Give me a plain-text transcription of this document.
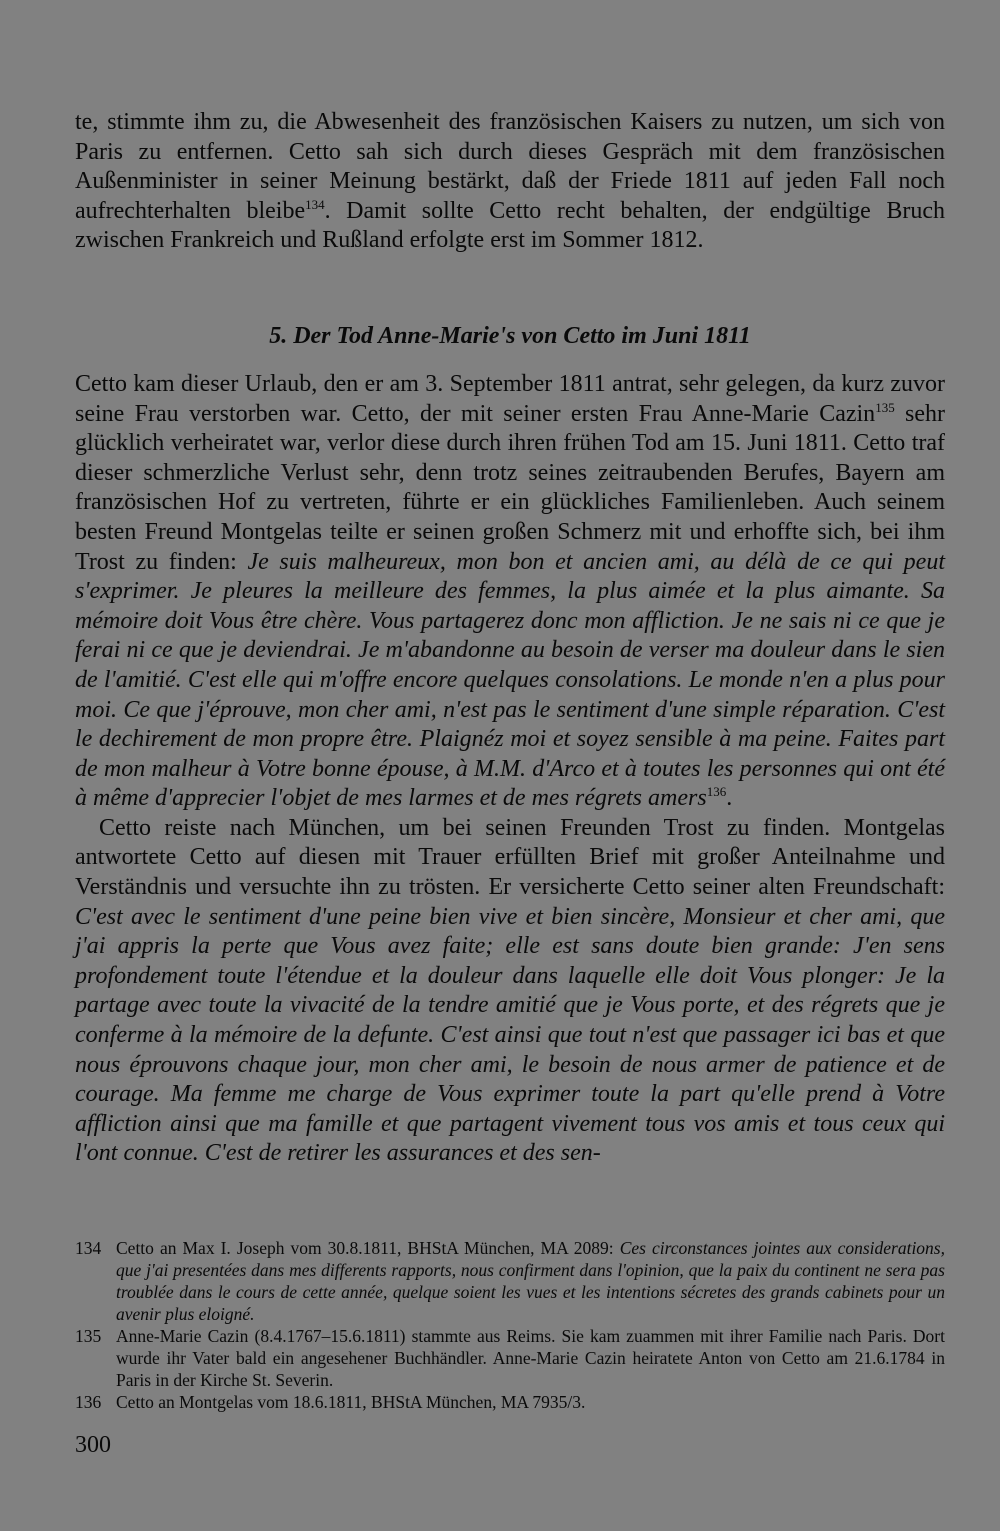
te, stimmte ihm zu, die Abwesenheit des französischen Kaisers zu nutzen, um sich von Paris zu entfernen. Cetto sah sich durch dieses Gespräch mit dem französischen Außenminister in seiner Meinung bestärkt, daß der Friede 1811 auf jeden Fall noch aufrechterhalten bleibe$^{134}$. Damit sollte Cetto recht behalten, der endgültige Bruch zwischen Frankreich und Rußland erfolgte erst im Sommer 1812.

5. Der Tod Anne-Marie's von Cetto im Juni 1811

Cetto kam dieser Urlaub, den er am 3. September 1811 antrat, sehr gelegen, da kurz zuvor seine Frau verstorben war. Cetto, der mit seiner ersten Frau Anne-Marie Cazin$^{135}$ sehr glücklich verheiratet war, verlor diese durch ihren frühen Tod am 15. Juni 1811. Cetto traf dieser schmerzliche Verlust sehr, denn trotz seines zeitraubenden Berufes, Bayern am französischen Hof zu vertreten, führte er ein glückliches Familienleben. Auch seinem besten Freund Montgelas teilte er seinen großen Schmerz mit und erhoffte sich, bei ihm Trost zu finden: Je suis malheureux, mon bon et ancien ami, au délà de ce qui peut s'exprimer. Je pleures la meilleure des femmes, la plus aimée et la plus aimante. Sa mémoire doit Vous être chère. Vous partagerez donc mon affliction. Je ne sais ni ce que je ferai ni ce que je deviendrai. Je m'abandonne au besoin de verser ma douleur dans le sien de l'amitié. C'est elle qui m'offre encore quelques consolations. Le monde n'en a plus pour moi. Ce que j'éprouve, mon cher ami, n'est pas le sentiment d'une simple réparation. C'est le dechirement de mon propre être. Plaignéz moi et soyez sensible à ma peine. Faites part de mon malheur à Votre bonne épouse, à M.M. d'Arco et à toutes les personnes qui ont été à même d'apprecier l'objet de mes larmes et de mes régrets amers$^{136}$.

Cetto reiste nach München, um bei seinen Freunden Trost zu finden. Montgelas antwortete Cetto auf diesen mit Trauer erfüllten Brief mit großer Anteilnahme und Verständnis und versuchte ihn zu trösten. Er versicherte Cetto seiner alten Freundschaft: C'est avec le sentiment d'une peine bien vive et bien sincère, Monsieur et cher ami, que j'ai appris la perte que Vous avez faite; elle est sans doute bien grande: J'en sens profondement toute l'étendue et la douleur dans laquelle elle doit Vous plonger: Je la partage avec toute la vivacité de la tendre amitié que je Vous porte, et des régrets que je conferme à la mémoire de la defunte. C'est ainsi que tout n'est que passager ici bas et que nous éprouvons chaque jour, mon cher ami, le besoin de nous armer de patience et de courage. Ma femme me charge de Vous exprimer toute la part qu'elle prend à Votre affliction ainsi que ma famille et que partagent vivement tous vos amis et tous ceux qui l'ont connue. C'est de retirer les assurances et des sen-

134 Cetto an Max I. Joseph vom 30.8.1811, BHStA München, MA 2089: Ces circonstances jointes aux considerations, que j'ai presentées dans mes differents rapports, nous confirment dans l'opinion, que la paix du continent ne sera pas troublée dans le cours de cette année, quelque soient les vues et les intentions sécretes des grands cabinets pour un avenir plus eloigné.
135 Anne-Marie Cazin (8.4.1767–15.6.1811) stammte aus Reims. Sie kam zuammen mit ihrer Familie nach Paris. Dort wurde ihr Vater bald ein angesehener Buchhändler. Anne-Marie Cazin heiratete Anton von Cetto am 21.6.1784 in Paris in der Kirche St. Severin.
136 Cetto an Montgelas vom 18.6.1811, BHStA München, MA 7935/3.
300
